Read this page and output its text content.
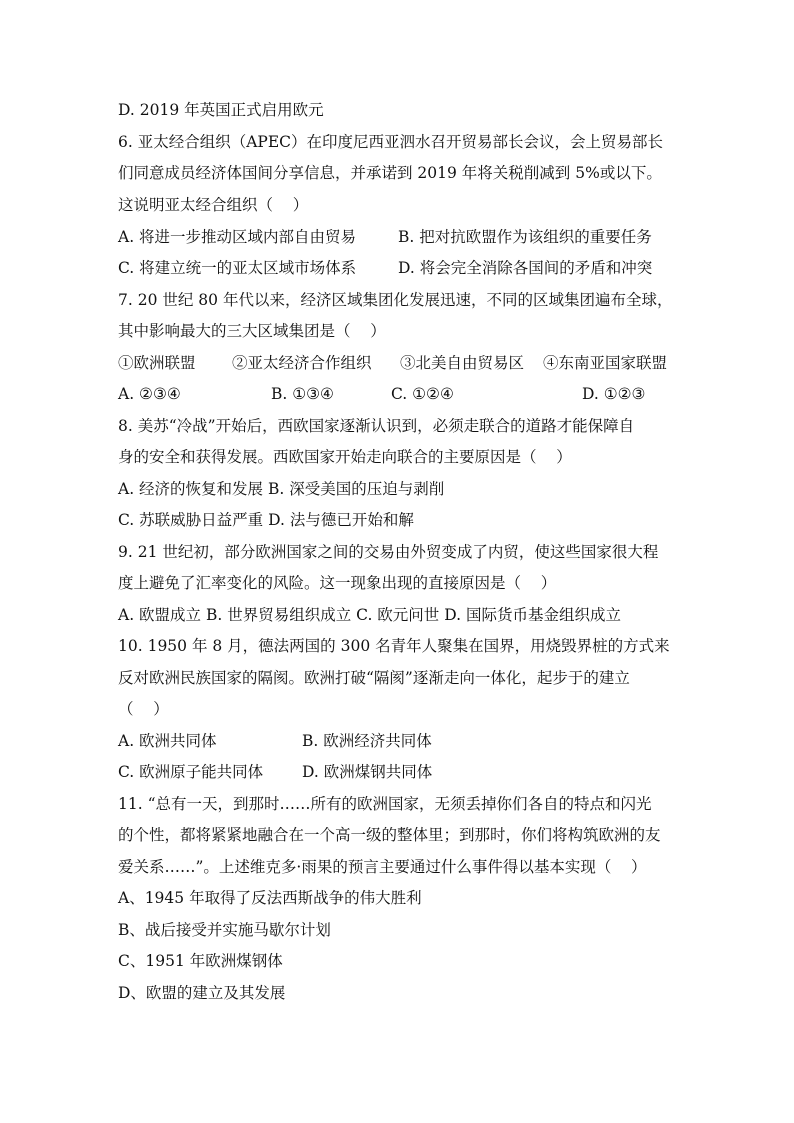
D. 2019 年英国正式启用欧元
6. 亚太经合组织（APEC）在印度尼西亚泗水召开贸易部长会议，会上贸易部长
们同意成员经济体国间分享信息，并承诺到 2019 年将关税削减到 5%或以下。
这说明亚太经合组织（    ）
A. 将进一步推动区域内部自由贸易	B. 把对抗欧盟作为该组织的重要任务
C. 将建立统一的亚太区域市场体系	D. 将会完全消除各国间的矛盾和冲突
7. 20 世纪 80 年代以来，经济区域集团化发展迅速，不同的区域集团遍布全球，
其中影响最大的三大区域集团是（    ）
①欧洲联盟 ②亚太经济合作组织 ③北美自由贸易区 ④东南亚国家联盟
A. ②③④	B. ①③④	C. ①②④	D. ①②③
8. 美苏“冷战”开始后，西欧国家逐渐认识到，必须走联合的道路才能保障自
身的安全和获得发展。西欧国家开始走向联合的主要原因是（    ）
A. 经济的恢复和发展 B. 深受美国的压迫与剥削
C. 苏联威胁日益严重 D. 法与德已开始和解
9. 21 世纪初，部分欧洲国家之间的交易由外贸变成了内贸，使这些国家很大程
度上避免了汇率变化的风险。这一现象出现的直接原因是（    ）
A. 欧盟成立 B. 世界贸易组织成立 C. 欧元问世 D. 国际货币基金组织成立
10. 1950 年 8 月，德法两国的 300 名青年人聚集在国界，用烧毁界桩的方式来
反对欧洲民族国家的隔阂。欧洲打破“隔阂”逐渐走向一体化，起步于的建立
（    ）
A. 欧洲共同体	B. 欧洲经济共同体
C. 欧洲原子能共同体	D. 欧洲煤钢共同体
11. “总有一天，到那时……所有的欧洲国家，无须丢掉你们各自的特点和闪光
的个性，都将紧紧地融合在一个高一级的整体里；到那时，你们将构筑欧洲的友
爱关系……”。上述维克多·雨果的预言主要通过什么事件得以基本实现（    ）
A、1945 年取得了反法西斯战争的伟大胜利
B、战后接受并实施马歇尔计划
C、1951 年欧洲煤钢体
D、欧盟的建立及其发展
